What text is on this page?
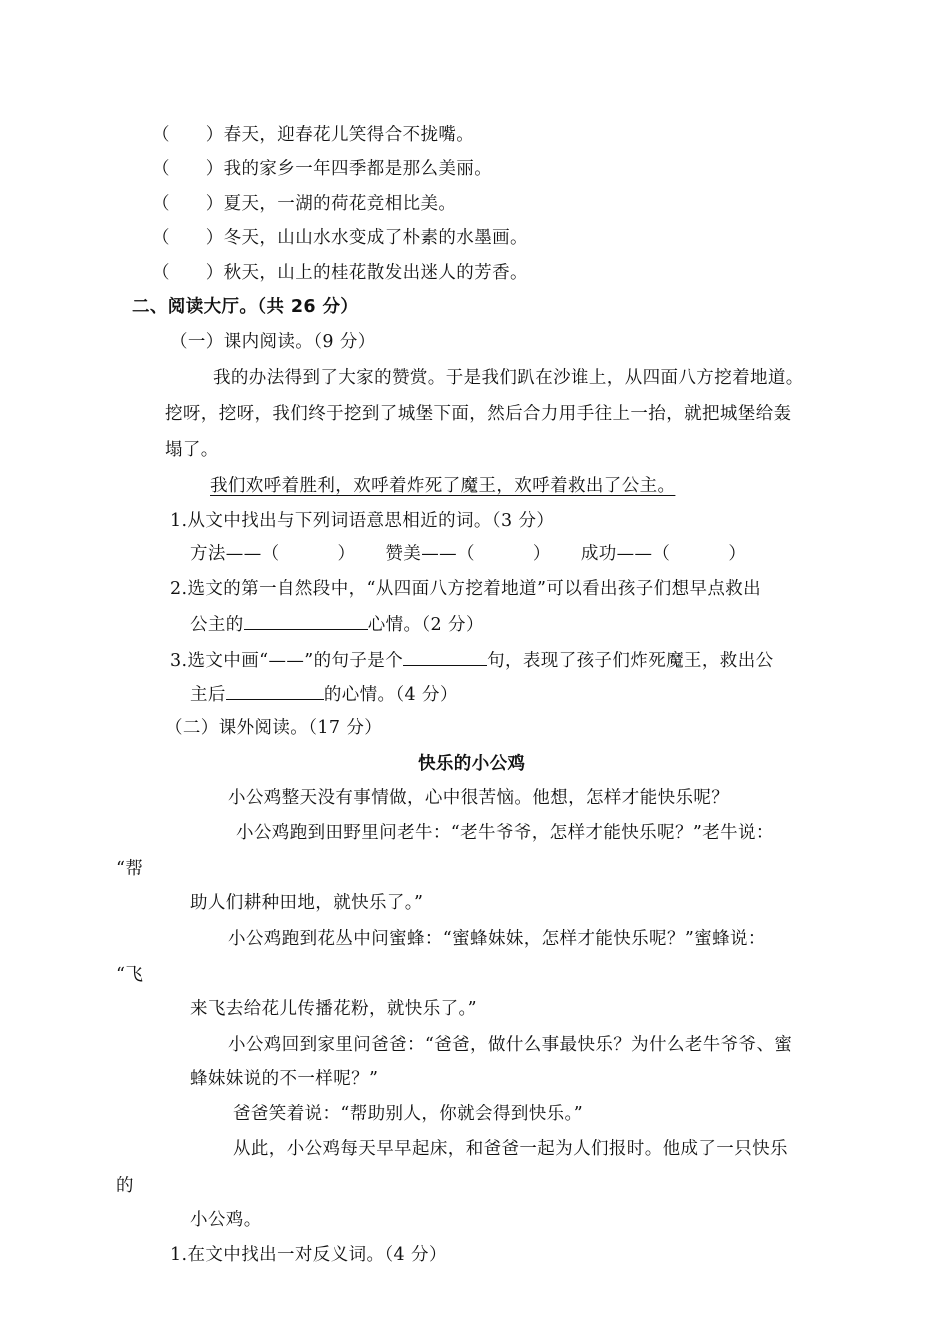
（　　）春天，迎春花儿笑得合不拢嘴。
（　　）我的家乡一年四季都是那么美丽。
（　　）夏天，一湖的荷花竞相比美。
（　　）冬天，山山水水变成了朴素的水墨画。
（　　）秋天，山上的桂花散发出迷人的芳香。
二、阅读大厅。（共 26 分）
（一）课内阅读。（9 分）
我的办法得到了大家的赞赏。于是我们趴在沙谁上，从四面八方挖着地道。
挖呀，挖呀，我们终于挖到了城堡下面，然后合力用手往上一抬，就把城堡给轰
塌了。
我们欢呼着胜利，欢呼着炸死了魔王，欢呼着救出了公主。
1.从文中找出与下列词语意思相近的词。（3 分）
方法——（	） 赞美——（	） 成功——（	）
2.选文的第一自然段中，“从四面八方挖着地道”可以看出孩子们想早点救出
公主的	心情。（2 分）
3.选文中画“——”的句子是个	句，表现了孩子们炸死魔王，救出公
主后	的心情。（4 分）
（二）课外阅读。（17 分）
快乐的小公鸡
小公鸡整天没有事情做，心中很苦恼。他想，怎样才能快乐呢？
小公鸡跑到田野里问老牛：“老牛爷爷，怎样才能快乐呢？”老牛说：
“帮
助人们耕种田地，就快乐了。”
小公鸡跑到花丛中问蜜蜂：“蜜蜂妹妹，怎样才能快乐呢？”蜜蜂说：
“飞
来飞去给花儿传播花粉，就快乐了。”
小公鸡回到家里问爸爸：“爸爸，做什么事最快乐？为什么老牛爷爷、蜜
蜂妹妹说的不一样呢？”
爸爸笑着说：“帮助别人，你就会得到快乐。”
从此，小公鸡每天早早起床，和爸爸一起为人们报时。他成了一只快乐
的
小公鸡。
1.在文中找出一对反义词。（4 分）
